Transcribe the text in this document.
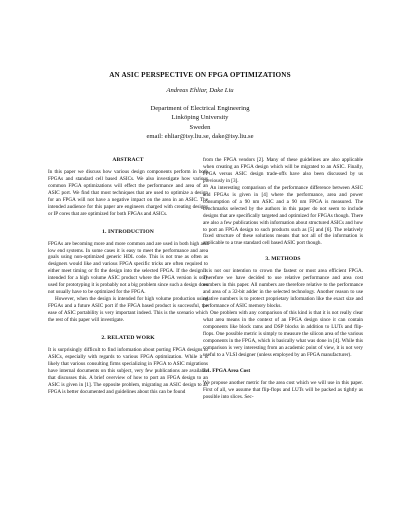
AN ASIC PERSPECTIVE ON FPGA OPTIMIZATIONS
Andreas Ehliar, Dake Liu
Department of Electrical Engineering
Linköping University
Sweden
email: ehliar@isy.liu.se, dake@isy.liu.se
ABSTRACT

In this paper we discuss how various design components perform in both FPGAs and standard cell based ASICs. We also investigate how various common FPGA optimizations will effect the performance and area of an ASIC port. We find that most techniques that are used to optimize a design for an FPGA will not have a negative impact on the area in an ASIC. The intended audience for this paper are engineers charged with creating designs or IP cores that are optimized for both FPGAs and ASICs.

1. INTRODUCTION

FPGAs are becoming more and more common and are used in both high and low end systems. In some cases it is easy to meet the performance and area goals using non-optimized generic HDL code. This is not true as often as designers would like and various FPGA specific tricks are often required to either meet timing or fit the design into the selected FPGA. If the design is intended for a high volume ASIC product where the FPGA version is only used for prototyping it is probably not a big problem since such a design does not usually have to be optimized for the FPGA.

However, when the design is intended for high volume production using FPGAs and a future ASIC port if the FPGA based product is successful, the ease of ASIC portability is very important indeed. This is the scenario which the rest of this paper will investigate.

2. RELATED WORK

It is surprisingly difficult to find information about porting FPGA designs to ASICs, especially with regards to various FPGA optimization. While it is likely that various consulting firms specializing in FPGA to ASIC migrations have internal documents on this subject, very few publications are available that discusses this. A brief overview of how to port an FPGA design to an ASIC is given in [1]. The opposite problem, migrating an ASIC design to an FPGA is better documented and guidelines about this can be found

from the FPGA vendors [2]. Many of these guidelines are also applicable when creating an FPGA design which will be migrated to an ASIC. Finally, FPGA versus ASIC design trade-offs have also been discussed by us previously in [3].

An interesting comparison of the performance difference between ASIC and FPGAs is given in [4] where the performance, area and power consumption of a 90 nm ASIC and a 90 nm FPGA is measured. The benchmarks selected by the authors in this paper do not seem to include designs that are specifically targeted and optimized for FPGAs though. There are also a few publications with information about structured ASICs and how to port an FPGA design to such products such as [5] and [6]. The relatively fixed structure of these solutions means that not all of the information is applicable to a true standard cell based ASIC port though.

3. METHODS

It is not our intention to crown the fastest or most area efficient FPGA. Therefore we have decided to use relative performance and area cost numbers in this paper. All numbers are therefore relative to the performance and area of a 32-bit adder in the selected technology. Another reason to use relative numbers is to protect proprietary information like the exact size and performance of ASIC memory blocks.

One problem with any comparison of this kind is that it is not really clear what area means in the context of an FPGA design since it can contain components like block rams and DSP blocks in addition to LUTs and flip-flops. One possible metric is simply to measure the silicon area of the various components in the FPGA, which is basically what was done in [4]. While this comparison is very interesting from an academic point of view, it is not very useful to a VLSI designer (unless employed by an FPGA manufacturer).

3.1. FPGA Area Cost

We propose another metric for the area cost which we will use in this paper. First of all, we assume that flip-flops and LUTs will be packed as tightly as possible into slices. Sec-
